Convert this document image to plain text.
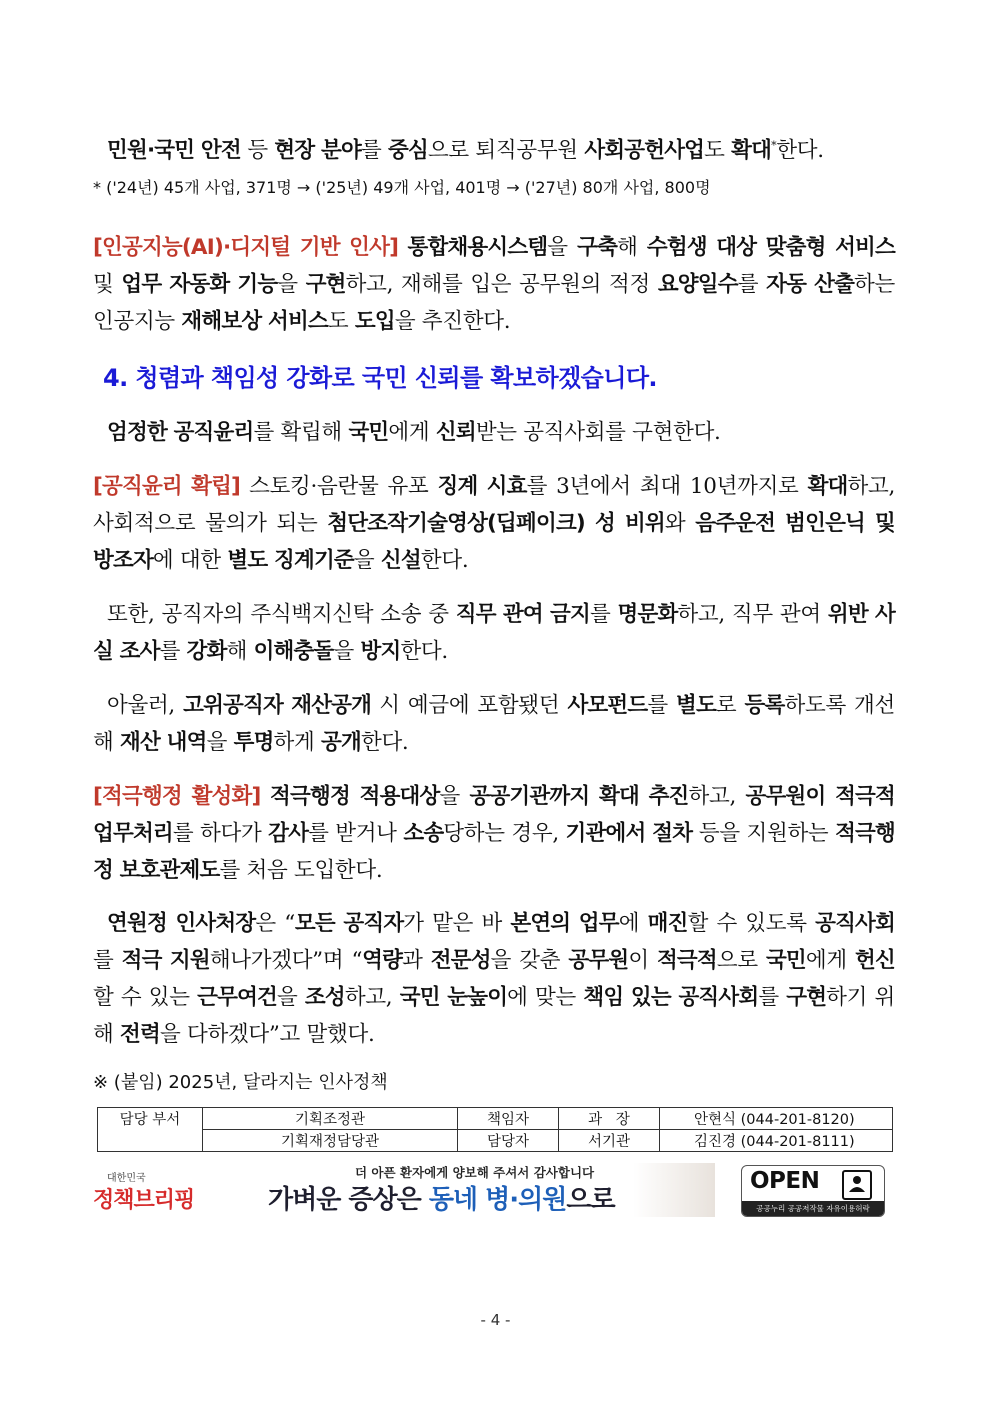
민원·국민 안전 등 현장 분야를 중심으로 퇴직공무원 사회공헌사업도 확대*한다.
* ('24년) 45개 사업, 371명 → ('25년) 49개 사업, 401명 → ('27년) 80개 사업, 800명
[인공지능(AI)·디지털 기반 인사] 통합채용시스템을 구축해 수험생 대상 맞춤형 서비스 및 업무 자동화 기능을 구현하고, 재해를 입은 공무원의 적정 요양일수를 자동 산출하는 인공지능 재해보상 서비스도 도입을 추진한다.
4. 청렴과 책임성 강화로 국민 신뢰를 확보하겠습니다.
엄정한 공직윤리를 확립해 국민에게 신뢰받는 공직사회를 구현한다.
[공직윤리 확립] 스토킹·음란물 유포 징계 시효를 3년에서 최대 10년까지로 확대하고, 사회적으로 물의가 되는 첨단조작기술영상(딥페이크) 성 비위와 음주운전 범인은닉 및 방조자에 대한 별도 징계기준을 신설한다.
또한, 공직자의 주식백지신탁 소송 중 직무 관여 금지를 명문화하고, 직무 관여 위반 사실 조사를 강화해 이해충돌을 방지한다.
아울러, 고위공직자 재산공개 시 예금에 포함됐던 사모펀드를 별도로 등록하도록 개선해 재산 내역을 투명하게 공개한다.
[적극행정 활성화] 적극행정 적용대상을 공공기관까지 확대 추진하고, 공무원이 적극적 업무처리를 하다가 감사를 받거나 소송당하는 경우, 기관에서 절차 등을 지원하는 적극행정 보호관제도를 처음 도입한다.
연원정 인사처장은 “모든 공직자가 맡은 바 본연의 업무에 매진할 수 있도록 공직사회를 적극 지원해나가겠다”며 “역량과 전문성을 갖춘 공무원이 적극적으로 국민에게 헌신할 수 있는 근무여건을 조성하고, 국민 눈높이에 맞는 책임 있는 공직사회를 구현하기 위해 전력을 다하겠다”고 말했다.
※ (붙임) 2025년, 달라지는 인사정책
담당 부서	기획조정관	책임자	과   장	안현식 (044-201-8120)
	기획재정담당관	담당자	서기관	김진경 (044-201-8111)
대한민국
정책브리핑
더 아픈 환자에게 양보해 주셔서 감사합니다
가벼운 증상은 동네 병·의원으로
OPEN
공공누리 공공저작물 자유이용허락
- 4 -
